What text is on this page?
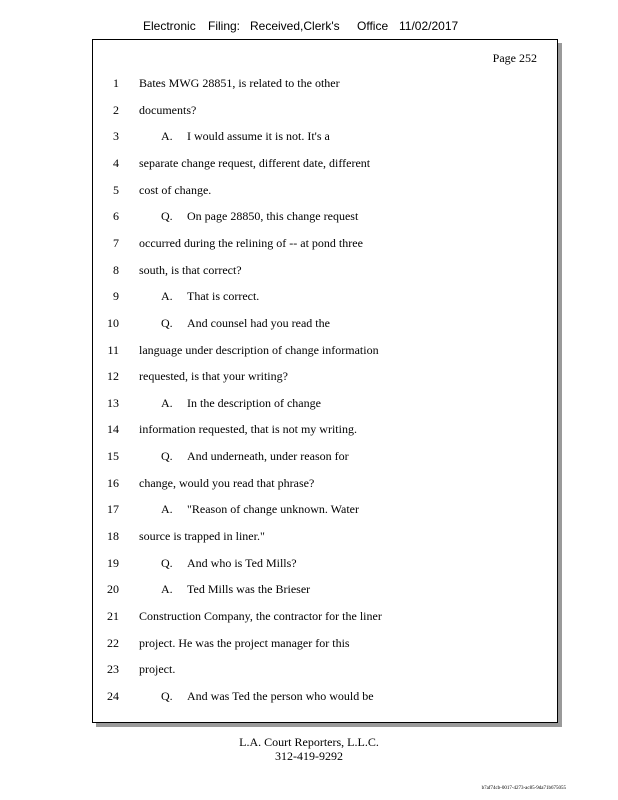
Electronic Filing: Received,Clerk's Office 11/02/2017
Page 252
1 Bates MWG 28851, is related to the other
2 documents?
3	A. I would assume it is not. It's a
4 separate change request, different date, different
5 cost of change.
6	Q. On page 28850, this change request
7 occurred during the relining of -- at pond three
8 south, is that correct?
9	A. That is correct.
10	Q. And counsel had you read the
11 language under description of change information
12 requested, is that your writing?
13	A. In the description of change
14 information requested, that is not my writing.
15	Q. And underneath, under reason for
16 change, would you read that phrase?
17	A. "Reason of change unknown. Water
18 source is trapped in liner."
19	Q. And who is Ted Mills?
20	A. Ted Mills was the Brieser
21 Construction Company, the contractor for the liner
22 project. He was the project manager for this
23 project.
24	Q. And was Ted the person who would be
L.A. Court Reporters, L.L.C.
312-419-9292
b7af74cb-0017-4273-ac85-9da71b675055
